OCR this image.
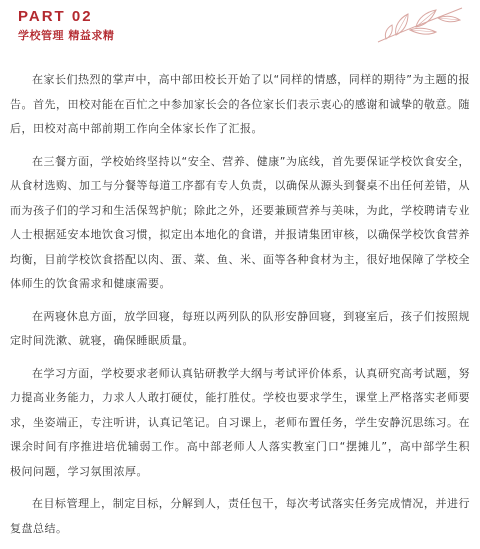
PART 02
学校管理 精益求精

在家长们热烈的掌声中，高中部田校长开始了以“同样的情感，同样的期待”为主题的报告。首先，田校对能在百忙之中参加家长会的各位家长们表示衷心的感谢和诚挚的敬意。随后，田校对高中部前期工作向全体家长作了汇报。

在三餐方面，学校始终坚持以“安全、营养、健康”为底线，首先要保证学校饮食安全，从食材选购、加工与分餐等每道工序都有专人负责，以确保从源头到餐桌不出任何差错，从而为孩子们的学习和生活保驾护航；除此之外，还要兼顾营养与美味，为此，学校聘请专业人士根据延安本地饮食习惯，拟定出本地化的食谱，并报请集团审核，以确保学校饮食营养均衡，目前学校饮食搭配以肉、蛋、菜、鱼、米、面等各种食材为主，很好地保障了学校全体师生的饮食需求和健康需要。

在两寝休息方面，放学回寝，每班以两列队的队形安静回寝，到寝室后，孩子们按照规定时间洗漱、就寝，确保睡眠质量。

在学习方面，学校要求老师认真钻研教学大纲与考试评价体系，认真研究高考试题，努力提高业务能力，力求人人敢打硬仗，能打胜仗。学校也要求学生，课堂上严格落实老师要求，坐姿端正，专注听讲，认真记笔记。自习课上，老师布置任务，学生安静沉思练习。在课余时间有序推进培优辅弱工作。高中部老师人人落实教室门口“摆摊儿”，高中部学生积极问问题，学习氛围浓厚。

在目标管理上，制定目标，分解到人，责任包干，每次考试落实任务完成情况，并进行复盘总结。
